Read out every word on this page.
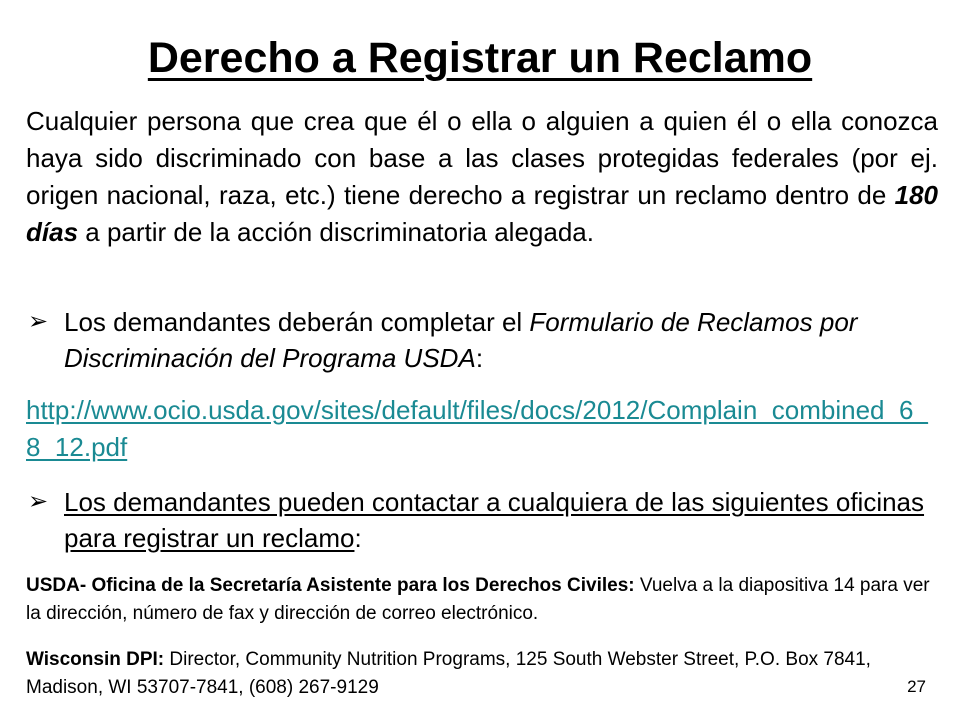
Derecho a Registrar un Reclamo

Cualquier persona que crea que él o ella o alguien a quien él o ella conozca haya sido discriminado con base a las clases protegidas federales (por ej. origen nacional, raza, etc.) tiene derecho a registrar un reclamo dentro de 180 días a partir de la acción discriminatoria alegada.

➢ Los demandantes deberán completar el Formulario de Reclamos por Discriminación del Programa USDA:

http://www.ocio.usda.gov/sites/default/files/docs/2012/Complain_combined_6_8_12.pdf

➢ Los demandantes pueden contactar a cualquiera de las siguientes oficinas para registrar un reclamo:

USDA- Oficina de la Secretaría Asistente para los Derechos Civiles: Vuelva a la diapositiva 14 para ver la dirección, número de fax y dirección de correo electrónico.

Wisconsin DPI: Director, Community Nutrition Programs, 125 South Webster Street, P.O. Box 7841, Madison, WI 53707-7841, (608) 267-9129	27
